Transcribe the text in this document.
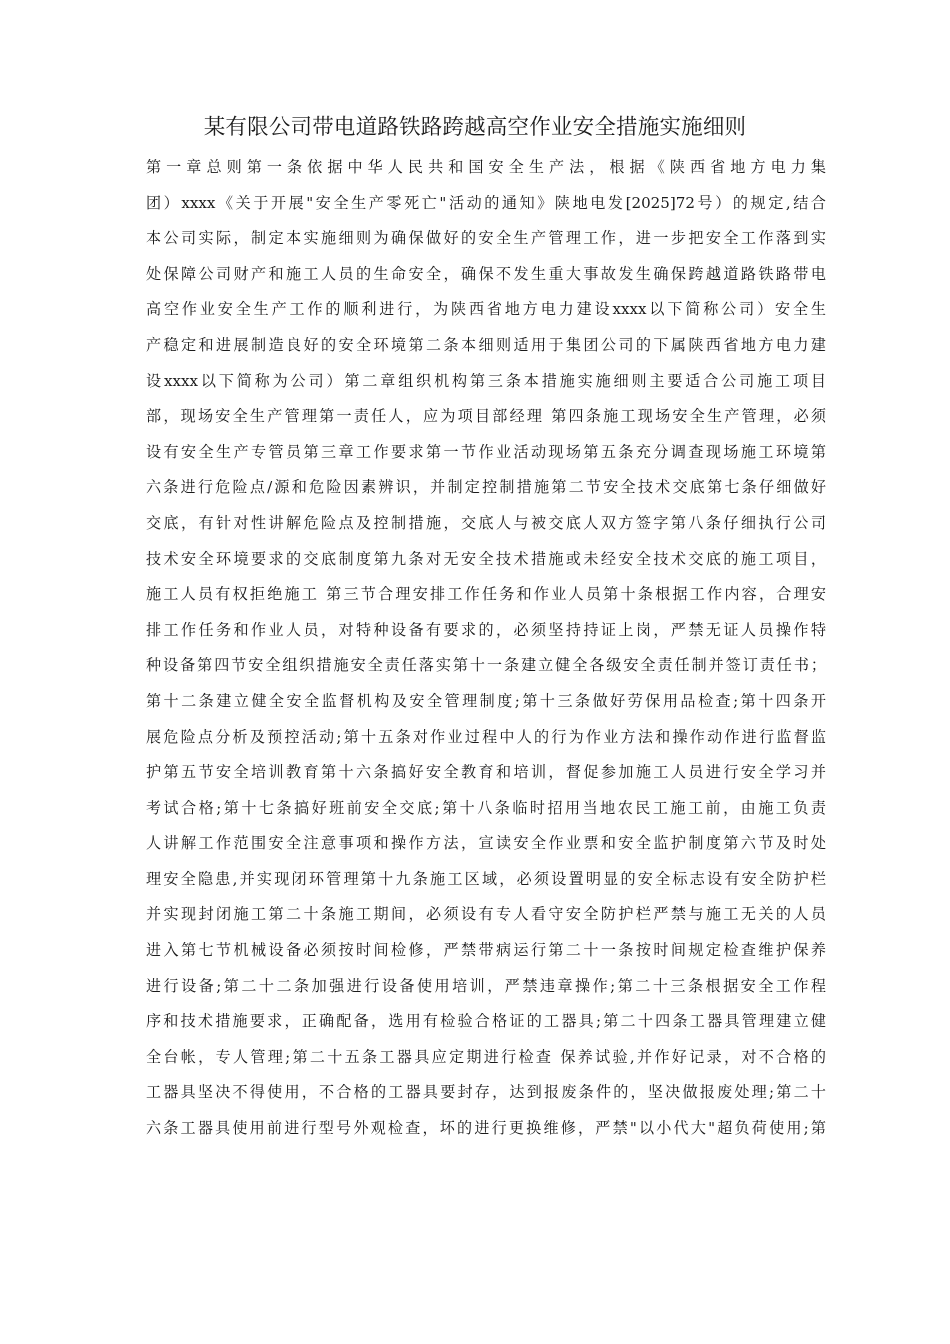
某有限公司带电道路铁路跨越高空作业安全措施实施细则
第一章总则第一条依据中华人民共和国安全生产法，根据《陕西省地方电力集
团）xxxx《关于开展"安全生产零死亡"活动的通知》陕地电发[2025]72号）的规定,结合
本公司实际，制定本实施细则为确保做好的安全生产管理工作，进一步把安全工作落到实
处保障公司财产和施工人员的生命安全，确保不发生重大事故发生确保跨越道路铁路带电
高空作业安全生产工作的顺利进行，为陕西省地方电力建设xxxx以下简称公司）安全生
产稳定和进展制造良好的安全环境第二条本细则适用于集团公司的下属陕西省地方电力建
设xxxx以下简称为公司）第二章组织机构第三条本措施实施细则主要适合公司施工项目
部，现场安全生产管理第一责任人，应为项目部经理 第四条施工现场安全生产管理，必须
设有安全生产专管员第三章工作要求第一节作业活动现场第五条充分调查现场施工环境第
六条进行危险点/源和危险因素辨识，并制定控制措施第二节安全技术交底第七条仔细做好
交底，有针对性讲解危险点及控制措施，交底人与被交底人双方签字第八条仔细执行公司
技术安全环境要求的交底制度第九条对无安全技术措施或未经安全技术交底的施工项目，
施工人员有权拒绝施工 第三节合理安排工作任务和作业人员第十条根据工作内容，合理安
排工作任务和作业人员，对特种设备有要求的，必须坚持持证上岗，严禁无证人员操作特
种设备第四节安全组织措施安全责任落实第十一条建立健全各级安全责任制并签订责任书；
第十二条建立健全安全监督机构及安全管理制度;第十三条做好劳保用品检查;第十四条开
展危险点分析及预控活动;第十五条对作业过程中人的行为作业方法和操作动作进行监督监
护第五节安全培训教育第十六条搞好安全教育和培训，督促参加施工人员进行安全学习并
考试合格;第十七条搞好班前安全交底;第十八条临时招用当地农民工施工前，由施工负责
人讲解工作范围安全注意事项和操作方法，宣读安全作业票和安全监护制度第六节及时处
理安全隐患,并实现闭环管理第十九条施工区域，必须设置明显的安全标志设有安全防护栏
并实现封闭施工第二十条施工期间，必须设有专人看守安全防护栏严禁与施工无关的人员
进入第七节机械设备必须按时间检修，严禁带病运行第二十一条按时间规定检查维护保养
进行设备;第二十二条加强进行设备使用培训，严禁违章操作;第二十三条根据安全工作程
序和技术措施要求，正确配备，选用有检验合格证的工器具;第二十四条工器具管理建立健
全台帐，专人管理;第二十五条工器具应定期进行检查 保养试验,并作好记录，对不合格的
工器具坚决不得使用，不合格的工器具要封存，达到报废条件的，坚决做报废处理;第二十
六条工器具使用前进行型号外观检查，坏的进行更换维修，严禁"以小代大"超负荷使用;第
